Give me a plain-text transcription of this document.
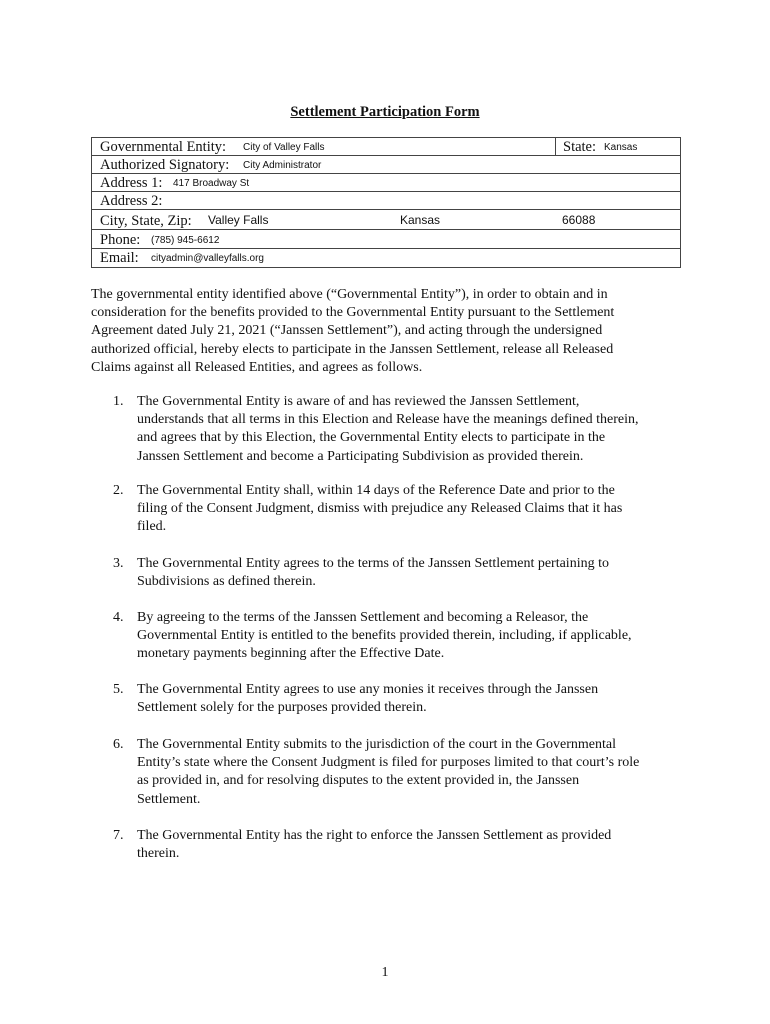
Settlement Participation Form
Governmental Entity: City of Valley Falls	State: Kansas
Authorized Signatory: City Administrator
Address 1: 417 Broadway St
Address 2:
City, State, Zip: Valley Falls	Kansas	66088
Phone: (785) 945-6612
Email: cityadmin@valleyfalls.org
The governmental entity identified above (“Governmental Entity”), in order to obtain and in
consideration for the benefits provided to the Governmental Entity pursuant to the Settlement
Agreement dated July 21, 2021 (“Janssen Settlement”), and acting through the undersigned
authorized official, hereby elects to participate in the Janssen Settlement, release all Released
Claims against all Released Entities, and agrees as follows.
1. The Governmental Entity is aware of and has reviewed the Janssen Settlement,
understands that all terms in this Election and Release have the meanings defined therein,
and agrees that by this Election, the Governmental Entity elects to participate in the
Janssen Settlement and become a Participating Subdivision as provided therein.
2. The Governmental Entity shall, within 14 days of the Reference Date and prior to the
filing of the Consent Judgment, dismiss with prejudice any Released Claims that it has
filed.
3. The Governmental Entity agrees to the terms of the Janssen Settlement pertaining to
Subdivisions as defined therein.
4. By agreeing to the terms of the Janssen Settlement and becoming a Releasor, the
Governmental Entity is entitled to the benefits provided therein, including, if applicable,
monetary payments beginning after the Effective Date.
5. The Governmental Entity agrees to use any monies it receives through the Janssen
Settlement solely for the purposes provided therein.
6. The Governmental Entity submits to the jurisdiction of the court in the Governmental
Entity’s state where the Consent Judgment is filed for purposes limited to that court’s role
as provided in, and for resolving disputes to the extent provided in, the Janssen
Settlement.
7. The Governmental Entity has the right to enforce the Janssen Settlement as provided
therein.
1
